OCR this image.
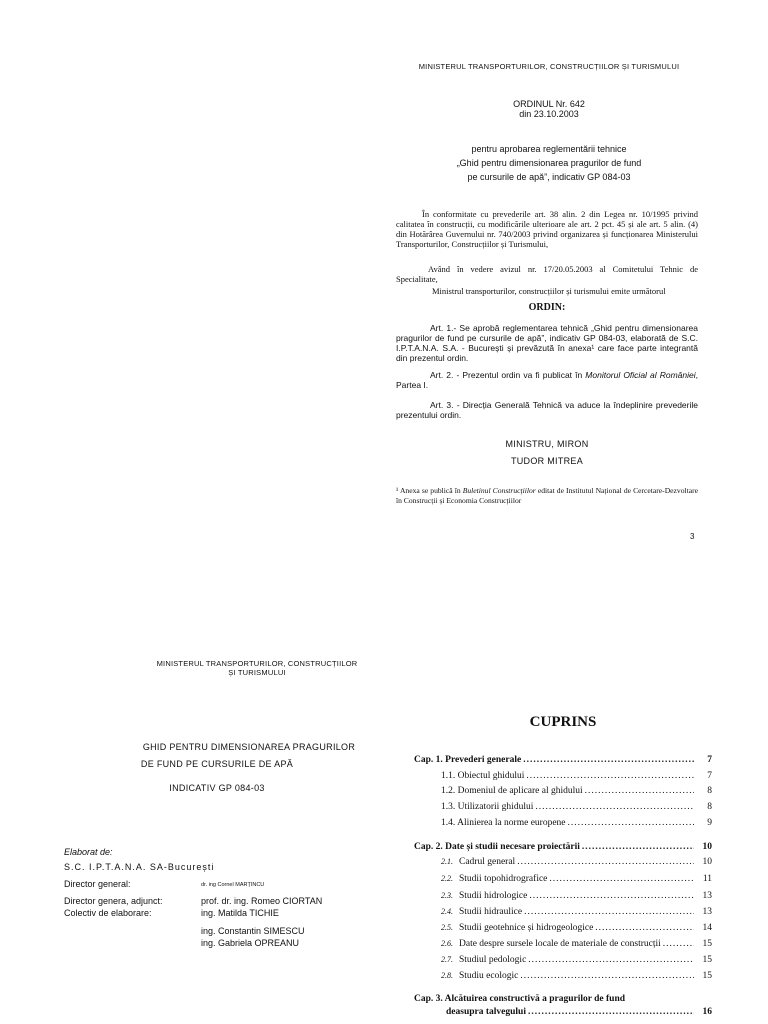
MINISTERUL TRANSPORTURILOR, CONSTRUCȚIILOR ȘI TURISMULUI
ORDINUL Nr. 642
din 23.10.2003
pentru aprobarea reglementării tehnice
„Ghid pentru dimensionarea pragurilor de fund
pe cursurile de apă”, indicativ GP 084-03
În conformitate cu prevederile art. 38 alin. 2 din Legea nr. 10/1995 privind calitatea în construcții, cu modificările ulterioare ale art. 2 pct. 45 și ale art. 5 alin. (4) din Hotărârea Guvernului nr. 740/2003 privind organizarea și funcționarea Ministerului Transporturilor, Construcțiilor și Turismului,
Având în vedere avizul nr. 17/20.05.2003 al Comitetului Tehnic de Specialitate,
Ministrul transporturilor, construcțiilor și turismului emite următorul
ORDIN:
Art. 1.- Se aprobă reglementarea tehnică „Ghid pentru dimensionarea pragurilor de fund pe cursurile de apă”, indicativ GP 084-03, elaborată de S.C. I.P.T.A.N.A. S.A. - București și prevăzută în anexa¹ care face parte integrantă din prezentul ordin.
Art. 2. - Prezentul ordin va fi publicat în Monitorul Oficial al României, Partea I.
Art. 3. - Direcția Generală Tehnică va aduce la îndeplinire prevederile prezentului ordin.
MINISTRU, MIRON
TUDOR MITREA
¹ Anexa se publică în Buletinul Construcțiilor editat de Institutul Național de Cercetare-Dezvoltare în Construcții și Economia Construcțiilor
3
MINISTERUL TRANSPORTURILOR, CONSTRUCȚIILOR
ȘI TURISMULUI
GHID PENTRU DIMENSIONAREA PRAGURILOR
DE FUND PE CURSURILE DE APĂ
INDICATIV GP 084-03
Elaborat de:
S.C. I.P.T.A.N.A. SA-București
Director general:	dr. ing Cornel MARȚINCU
Director genera, adjunct:	prof. dr. ing. Romeo CIORTAN
Colectiv de elaborare:	ing. Matilda TICHIE
ing. Constantin SIMESCU
ing. Gabriela OPREANU
CUPRINS
Cap. 1. Prevederi generale .....	7
1.1. Obiectul ghidului .....	7
1.2. Domeniul de aplicare al ghidului .....	8
1.3. Utilizatorii ghidului .....	8
1.4. Alinierea la norme europene .....	9
Cap. 2. Date și studii necesare proiectării .....	10
2.1. Cadrul general .....	10
2.2. Studii topohidrografice .....	11
2.3. Studii hidrologice .....	13
2.4. Studii hidraulice .....	13
2.5. Studii geotehnice și hidrogeologice .....	14
2.6. Date despre sursele locale de materiale de construcții .....	15
2.7. Studiul pedologic .....	15
2.8. Studiu ecologic .....	15
Cap. 3. Alcătuirea constructivă a pragurilor de fund
deasupra talvegului .....	16
